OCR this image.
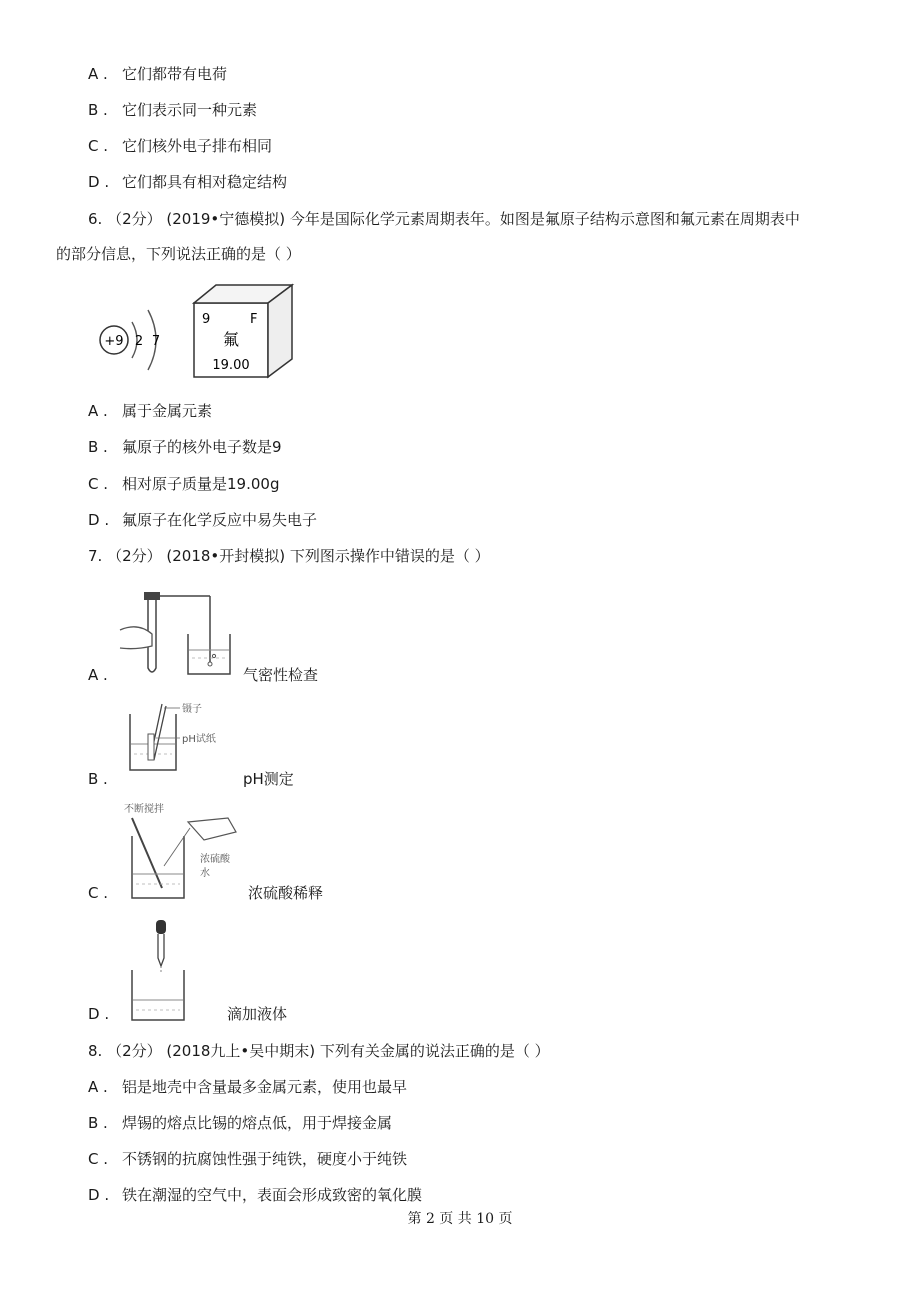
A . 它们都带有电荷
B . 它们表示同一种元素
C . 它们核外电子排布相同
D . 它们都具有相对稳定结构
6. （2分） (2019•宁德模拟) 今年是国际化学元素周期表年。如图是氟原子结构示意图和氟元素在周期表中
的部分信息，下列说法正确的是（ ）
+9 2 7
9	F
氟
19.00
A . 属于金属元素
B . 氟原子的核外电子数是9
C . 相对原子质量是19.00g
D . 氟原子在化学反应中易失电子
7. （2分） (2018•开封模拟) 下列图示操作中错误的是（ ）
A .	气密性检查
镊子
pH试纸
B .	pH测定
不断搅拌
浓硫酸
水
C .	浓硫酸稀释
D .	滴加液体
8. （2分） (2018九上•吴中期末) 下列有关金属的说法正确的是（ ）
A . 铝是地壳中含量最多金属元素，使用也最早
B . 焊锡的熔点比锡的熔点低，用于焊接金属
C . 不锈钢的抗腐蚀性强于纯铁，硬度小于纯铁
D . 铁在潮湿的空气中，表面会形成致密的氧化膜
第 2 页 共 10 页
